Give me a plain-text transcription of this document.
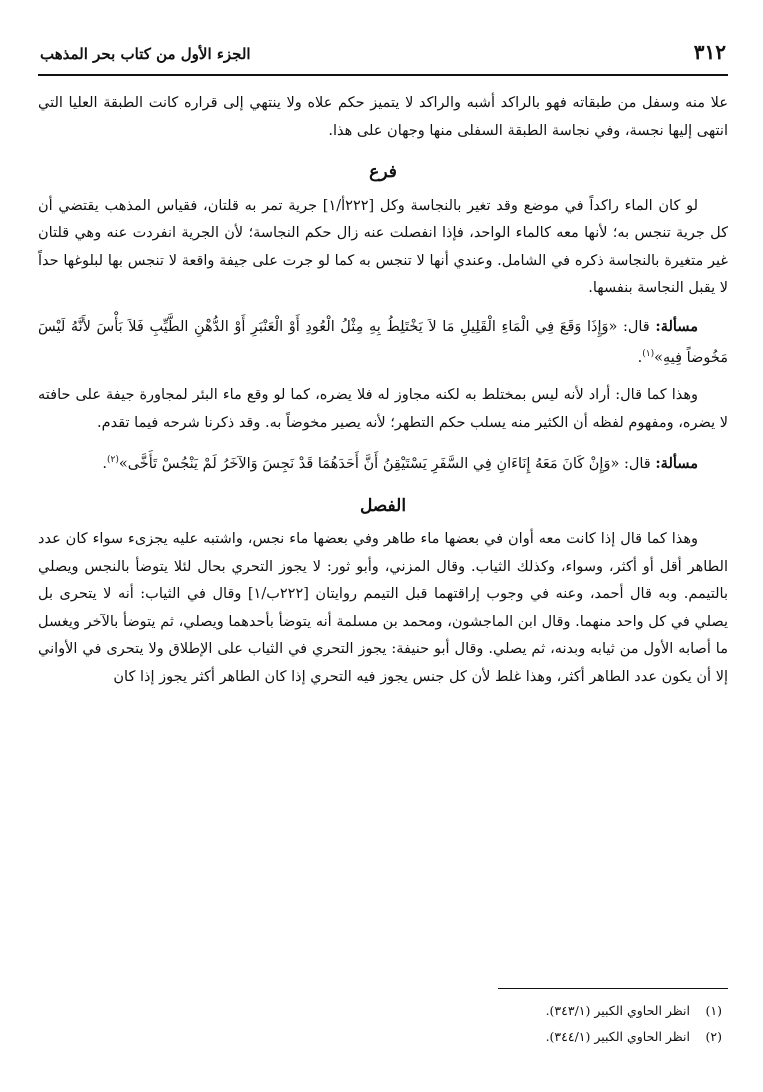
٣١٢
الجزء الأول من كتاب بحر المذهب

علا منه وسفل من طبقاته فهو بالراكد أشبه والراكد لا يتميز حكم علاه ولا ينتهي إلى قراره كانت الطبقة العليا التي انتهى إليها نجسة، وفي نجاسة الطبقة السفلى منها وجهان على هذا.

فرع

لو كان الماء راكداً في موضع وقد تغير بالنجاسة وكل [٢٢٢أ/١] جرية تمر به قلتان، فقياس المذهب يقتضي أن كل جرية تنجس به؛ لأنها معه كالماء الواحد، فإذا انفصلت عنه زال حكم النجاسة؛ لأن الجرية انفردت عنه وهي قلتان غير متغيرة بالنجاسة ذكره في الشامل. وعندي أنها لا تنجس به كما لو جرت على جيفة واقعة لا تنجس بها لبلوغها حداً لا يقبل النجاسة بنفسها.

مسألة: قال: «وَإِذَا وَقَعَ فِي الْمَاءِ الْقَلِيلِ مَا لاَ يَخْتَلِطُ بِهِ مِثْلُ الْعُودِ أَوْ الْعَنْبَرِ أَوْ الدُّهْنِ الطَّيِّبِ فَلاَ بَأْسَ لأَنَّهُ لَيْسَ مَخُوضاً فِيهِ»$^{(١)}$.

وهذا كما قال: أراد لأنه ليس بمختلط به لكنه مجاوز له فلا يضره، كما لو وقع ماء البئر لمجاورة جيفة على حافته لا يضره، ومفهوم لفظه أن الكثير منه يسلب حكم التطهر؛ لأنه يصير مخوضاً به. وقد ذكرنا شرحه فيما تقدم.

مسألة: قال: «وَإِنْ كَانَ مَعَهُ إِنَاءَانِ فِي السَّفَرِ يَسْتَيْقِنُ أَنَّ أَحَدَهُمَا قَدْ نَجِسَ وَالآخَرُ لَمْ يَنْجُسْ تَأَخَّى»$^{(٢)}$.

الفصل

وهذا كما قال إذا كانت معه أوان في بعضها ماء طاهر وفي بعضها ماء نجس، واشتبه عليه يجزىء سواء كان عدد الطاهر أقل أو أكثر، وسواء، وكذلك الثياب. وقال المزني، وأبو ثور: لا يجوز التحري بحال لئلا يتوضأ بالنجس ويصلي بالتيمم. وبه قال أحمد، وعنه في وجوب إراقتهما قبل التيمم روايتان [٢٢٢ب/١] وقال في الثياب: أنه لا يتحرى بل يصلي في كل واحد منهما. وقال ابن الماجشون، ومحمد بن مسلمة أنه يتوضأ بأحدهما ويصلي، ثم يتوضأ بالآخر ويغسل ما أصابه الأول من ثيابه وبدنه، ثم يصلي. وقال أبو حنيفة: يجوز التحري في الثياب على الإطلاق ولا يتحرى في الأواني إلا أن يكون عدد الطاهر أكثر، وهذا غلط لأن كل جنس يجوز فيه التحري إذا كان الطاهر أكثر يجوز إذا كان

(١) انظر الحاوي الكبير (٣٤٣/١).
(٢) انظر الحاوي الكبير (٣٤٤/١).
